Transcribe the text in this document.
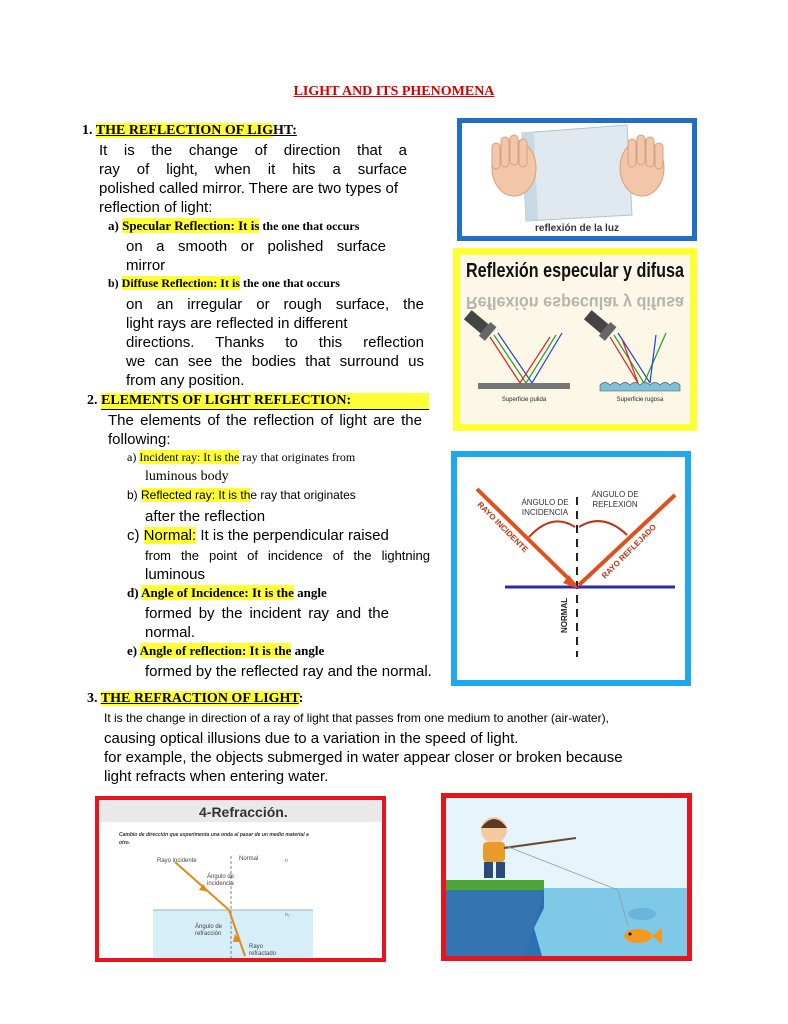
LIGHT AND ITS PHENOMENA
1. THE REFLECTION OF LIGHT:
It is the change of direction that a
ray of light, when it hits a surface
polished called mirror. There are two types of
reflection of light:
a) Specular Reflection: It is the one that occurs
on a smooth or polished surface
mirror
b) Diffuse Reflection: It is the one that occurs
on an irregular or rough surface, the
light rays are reflected in different
directions. Thanks to this reflection
we can see the bodies that surround us
from any position.
2. ELEMENTS OF LIGHT REFLECTION:
The elements of the reflection of light are the
following:
a) Incident ray: It is the ray that originates from
luminous body
b) Reflected ray: It is the ray that originates
after the reflection
c) Normal: It is the perpendicular raised
from the point of incidence of the lightning
luminous
d) Angle of Incidence: It is the angle
formed by the incident ray and the
normal.
e) Angle of reflection: It is the angle
formed by the reflected ray and the normal.
3. THE REFRACTION OF LIGHT:
It is the change in direction of a ray of light that passes from one medium to another (air-water),
causing optical illusions due to a variation in the speed of light.
for example, the objects submerged in water appear closer or broken because
light refracts when entering water.
reflexión de la luz
Reflexión especular y difusa
Reflexión especular y difusa
Superficie pulida	Superficie rugosa
ÁNGULO DE
INCIDENCIA
ÁNGULO DE
REFLEXIÓN
RAYO INCIDENTE	RAYO REFLEJADO
NORMAL
4-Refracción.
Cambio de dirección que experimenta una onda al pasar de un medio material a
otro.
Normal
Rayo incidente
Ángulo de
incidencia
Ángulo de
refracción
Rayo
refractado
n
n₂
